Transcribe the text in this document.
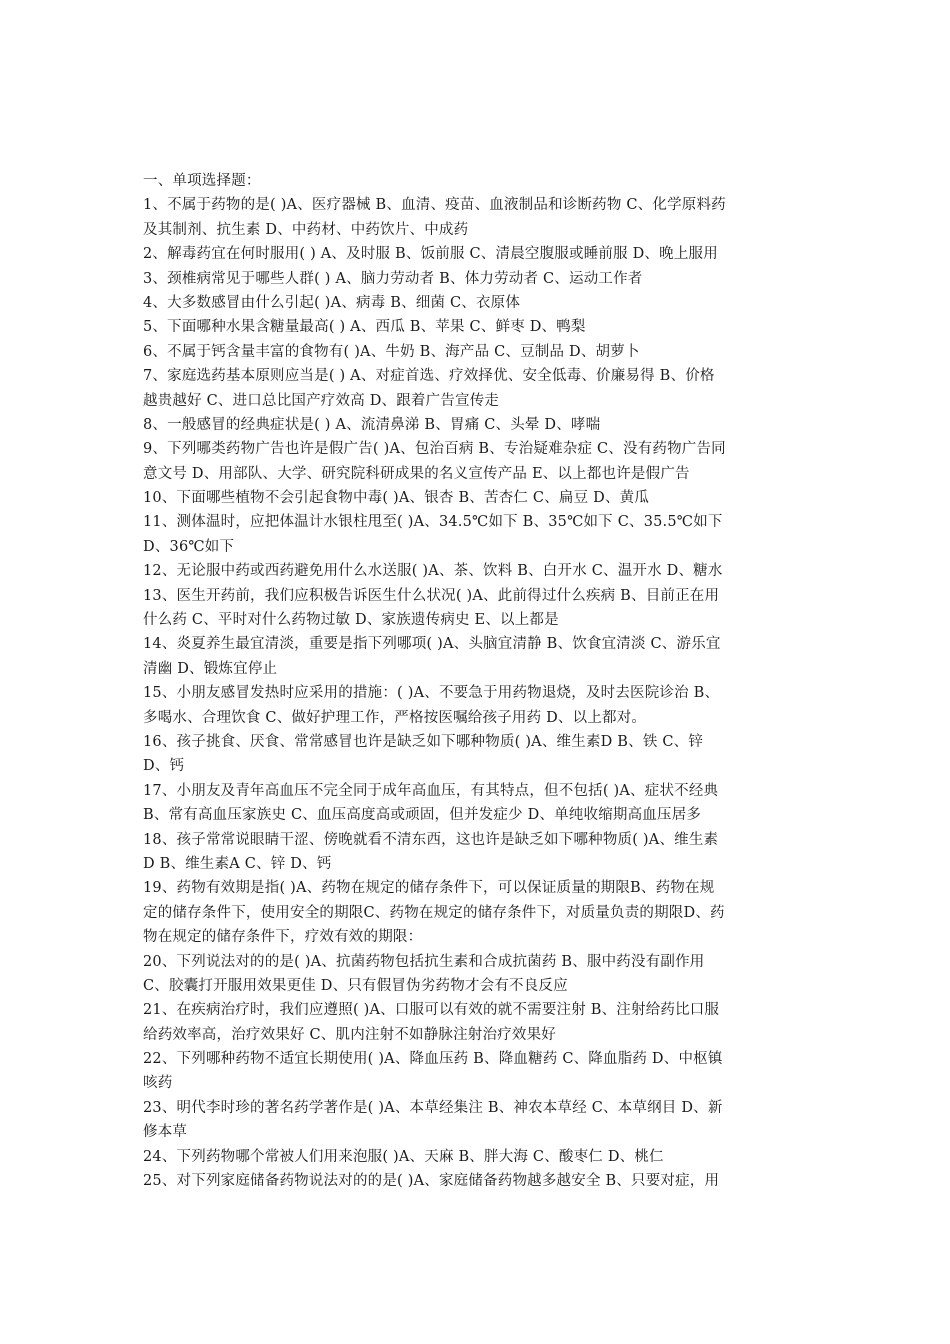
一、单项选择题：
1、不属于药物的是( )A、医疗器械 B、血清、疫苗、血液制品和诊断药物 C、化学原料药
及其制剂、抗生素 D、中药材、中药饮片、中成药
2、解毒药宜在何时服用( ) A、及时服 B、饭前服 C、清晨空腹服或睡前服 D、晚上服用
3、颈椎病常见于哪些人群( ) A、脑力劳动者 B、体力劳动者 C、运动工作者
4、大多数感冒由什么引起( )A、病毒 B、细菌 C、衣原体
5、下面哪种水果含糖量最高( ) A、西瓜 B、苹果 C、鲜枣 D、鸭梨
6、不属于钙含量丰富的食物有( )A、牛奶 B、海产品 C、豆制品 D、胡萝卜
7、家庭选药基本原则应当是( ) A、对症首选、疗效择优、安全低毒、价廉易得 B、价格
越贵越好 C、进口总比国产疗效高 D、跟着广告宣传走
8、一般感冒的经典症状是( ) A、流清鼻涕 B、胃痛 C、头晕 D、哮喘
9、下列哪类药物广告也许是假广告( )A、包治百病 B、专治疑难杂症 C、没有药物广告同
意文号 D、用部队、大学、研究院科研成果的名义宣传产品 E、以上都也许是假广告
10、下面哪些植物不会引起食物中毒( )A、银杏 B、苦杏仁 C、扁豆 D、黄瓜
11、测体温时，应把体温计水银柱甩至( )A、34.5℃如下 B、35℃如下 C、35.5℃如下
D、36℃如下
12、无论服中药或西药避免用什么水送服( )A、茶、饮料 B、白开水 C、温开水 D、糖水
13、医生开药前，我们应积极告诉医生什么状况( )A、此前得过什么疾病 B、目前正在用
什么药 C、平时对什么药物过敏 D、家族遗传病史 E、以上都是
14、炎夏养生最宜清淡，重要是指下列哪项( )A、头脑宜清静 B、饮食宜清淡 C、游乐宜
清幽 D、锻炼宜停止
15、小朋友感冒发热时应采用的措施：( )A、不要急于用药物退烧，及时去医院诊治 B、
多喝水、合理饮食 C、做好护理工作，严格按医嘱给孩子用药 D、以上都对。
16、孩子挑食、厌食、常常感冒也许是缺乏如下哪种物质( )A、维生素D B、铁 C、锌
D、钙
17、小朋友及青年高血压不完全同于成年高血压，有其特点，但不包括( )A、症状不经典
B、常有高血压家族史 C、血压高度高或顽固，但并发症少 D、单纯收缩期高血压居多
18、孩子常常说眼睛干涩、傍晚就看不清东西，这也许是缺乏如下哪种物质( )A、维生素
D B、维生素A C、锌 D、钙
19、药物有效期是指( )A、药物在规定的储存条件下，可以保证质量的期限B、药物在规
定的储存条件下，使用安全的期限C、药物在规定的储存条件下，对质量负责的期限D、药
物在规定的储存条件下，疗效有效的期限：
20、下列说法对的的是( )A、抗菌药物包括抗生素和合成抗菌药 B、服中药没有副作用
C、胶囊打开服用效果更佳 D、只有假冒伪劣药物才会有不良反应
21、在疾病治疗时，我们应遵照( )A、口服可以有效的就不需要注射 B、注射给药比口服
给药效率高，治疗效果好 C、肌内注射不如静脉注射治疗效果好
22、下列哪种药物不适宜长期使用( )A、降血压药 B、降血糖药 C、降血脂药 D、中枢镇
咳药
23、明代李时珍的著名药学著作是( )A、本草经集注 B、神农本草经 C、本草纲目 D、新
修本草
24、下列药物哪个常被人们用来泡服( )A、天麻 B、胖大海 C、酸枣仁 D、桃仁
25、对下列家庭储备药物说法对的的是( )A、家庭储备药物越多越安全 B、只要对症，用
